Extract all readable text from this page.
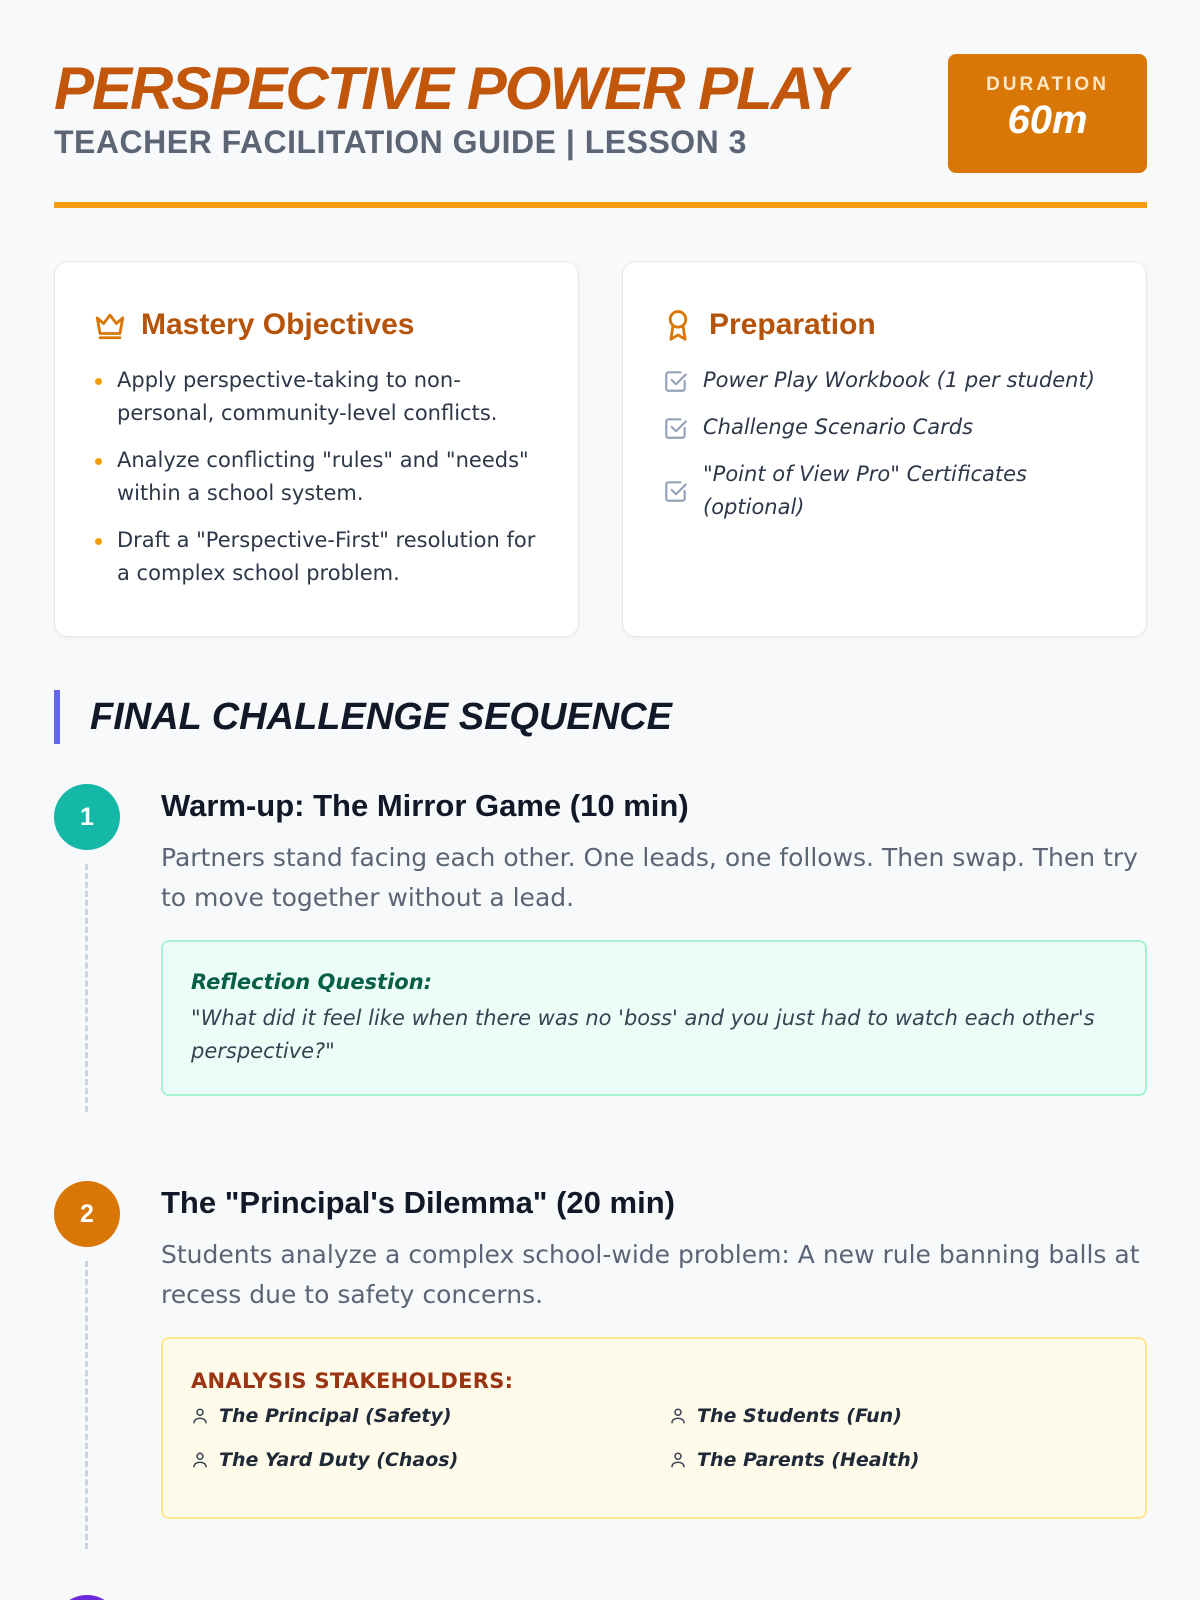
PERSPECTIVE POWER PLAY
TEACHER FACILITATION GUIDE | LESSON 3
DURATION
60m
Mastery Objectives
Apply perspective-taking to non-personal, community-level conflicts.
Analyze conflicting "rules" and "needs" within a school system.
Draft a "Perspective-First" resolution for a complex school problem.
Preparation
Power Play Workbook (1 per student)
Challenge Scenario Cards
"Point of View Pro" Certificates (optional)
FINAL CHALLENGE SEQUENCE
1	Warm-up: The Mirror Game (10 min)
Partners stand facing each other. One leads, one follows. Then swap. Then try to move together without a lead.
Reflection Question:
"What did it feel like when there was no 'boss' and you just had to watch each other's perspective?"
2	The "Principal's Dilemma" (20 min)
Students analyze a complex school-wide problem: A new rule banning balls at recess due to safety concerns.
ANALYSIS STAKEHOLDERS:
The Principal (Safety)	The Students (Fun)
The Yard Duty (Chaos)	The Parents (Health)
